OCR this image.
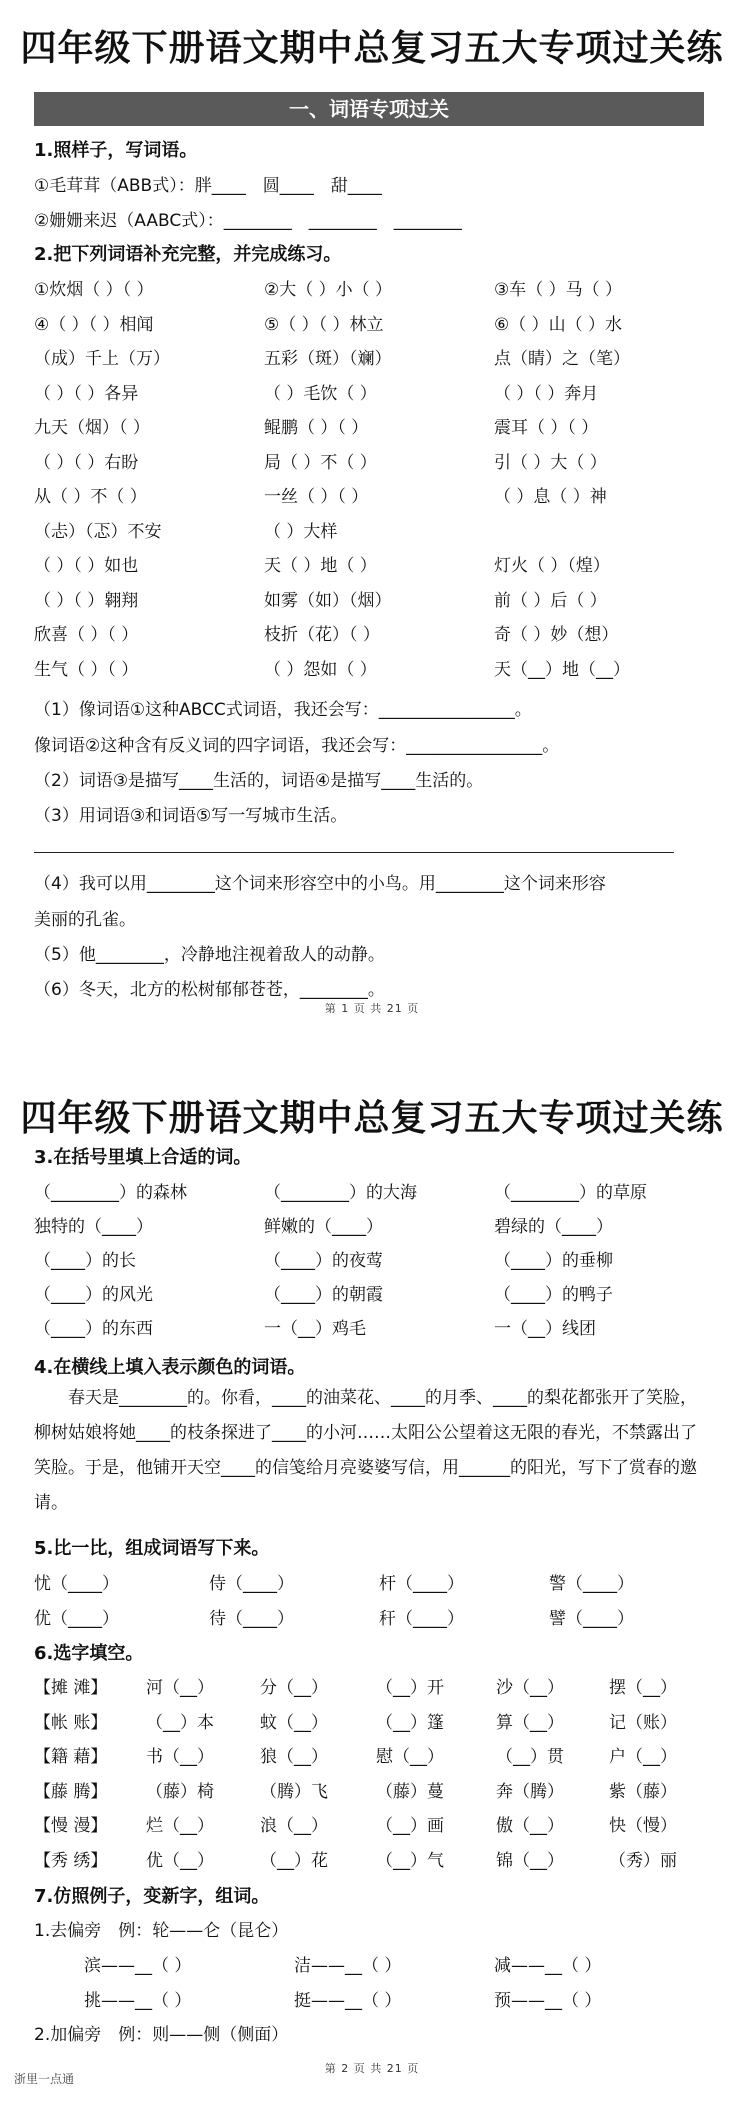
四年级下册语文期中总复习五大专项过关练
一、词语专项过关
1.照样子，写词语。
①毛茸茸（ABB式）：胖____　圆____　甜____
②姗姗来迟（AABC式）：________　________　________
2.把下列词语补充完整，并完成练习。
①炊烟（ ）（ ）	②大（ ）小（ ）	③车（ ）马（ ）
④（ ）（ ）相闻	⑤（ ）（ ）林立	⑥（ ）山（ ）水
（成）千上（万）	五彩（斑）（斓）	点（睛）之（笔）
（ ）（ ）各异	（ ）毛饮（ ）	（ ）（ ）奔月
九天（烟）（ ）	鲲鹏（ ）（ ）	震耳（ ）（ ）
（ ）（ ）右盼	局（ ）不（ ）	引（ ）大（ ）
从（ ）不（ ）	一丝（ ）（ ）	（ ）息（ ）神
（忐）（忑）不安	（ ）大样
（ ）（ ）如也	天（ ）地（ ）	灯火（ ）（煌）
（ ）（ ）翱翔	如雾（如）（烟）	前（ ）后（ ）
欣喜（ ）（ ）	枝折（花）（ ）	奇（ ）妙（想）
生气（ ）（ ）	（ ）怨如（ ）	天（__）地（__）
（1）像词语①这种ABCC式词语，我还会写：________________。
像词语②这种含有反义词的四字词语，我还会写：________________。
（2）词语③是描写____生活的，词语④是描写____生活的。
（3）用词语③和词语⑤写一写城市生活。
（4）我可以用________这个词来形容空中的小鸟。用________这个词来形容
美丽的孔雀。
（5）他________，冷静地注视着敌人的动静。
（6）冬天，北方的松树郁郁苍苍，________。
第 1 页 共 21 页
四年级下册语文期中总复习五大专项过关练
3.在括号里填上合适的词。
（________）的森林	（________）的大海	（________）的草原
独特的（____）	鲜嫩的（____）	碧绿的（____）
（____）的长	（____）的夜莺	（____）的垂柳
（____）的风光	（____）的朝霞	（____）的鸭子
（____）的东西	一（__）鸡毛	一（__）线团
4.在横线上填入表示颜色的词语。
　　春天是________的。你看，____的油菜花、____的月季、____的梨花都张开了笑脸，柳树姑娘将她____的枝条探进了____的小河……太阳公公望着这无限的春光，不禁露出了笑脸。于是，他铺开天空____的信笺给月亮婆婆写信，用______的阳光，写下了赏春的邀请。
5.比一比，组成词语写下来。
忧（____）	侍（____）	杆（____）	警（____）
优（____）	待（____）	秆（____）	譬（____）
6.选字填空。
【摊 滩】 河（__）	分（__）	（__）开	沙（__）	摆（__）
【帐 账】 （__）本	蚊（__）	（__）篷	算（__）	记（账）
【籍 藉】 书（__）	狼（__）	慰（__）	（__）贯	户（__）
【藤 腾】 （藤）椅	（腾）飞	（藤）蔓	奔（腾）	紫（藤）
【慢 漫】 烂（__）	浪（__）	（__）画	傲（__）	快（慢）
【秀 绣】 优（__）	（__）花	（__）气	锦（__）	（秀）丽
7.仿照例子，变新字，组词。
1.去偏旁　例：轮——仑（昆仑）
滨——__（ ）	洁——__（ ）	减——__（ ）
挑——__（ ）	挺——__（ ）	预——__（ ）
2.加偏旁　例：则——侧（侧面）
第 2 页 共 21 页
浙里一点通
